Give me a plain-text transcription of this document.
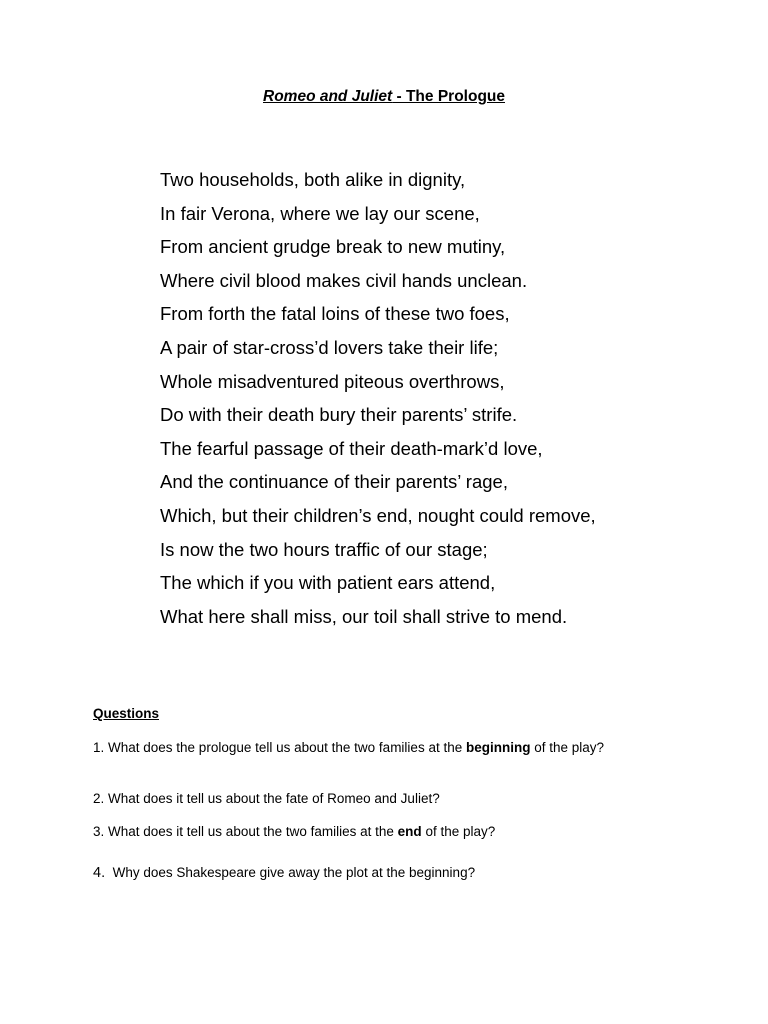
Romeo and Juliet - The Prologue
Two households, both alike in dignity,
In fair Verona, where we lay our scene,
From ancient grudge break to new mutiny,
Where civil blood makes civil hands unclean.
From forth the fatal loins of these two foes,
A pair of star-cross’d lovers take their life;
Whole misadventured piteous overthrows,
Do with their death bury their parents’ strife.
The fearful passage of their death-mark’d love,
And the continuance of their parents’ rage,
Which, but their children’s end, nought could remove,
Is now the two hours traffic of our stage;
The which if you with patient ears attend,
What here shall miss, our toil shall strive to mend.
Questions
1. What does the prologue tell us about the two families at the beginning of the play?
2. What does it tell us about the fate of Romeo and Juliet?
3. What does it tell us about the two families at the end of the play?
4.  Why does Shakespeare give away the plot at the beginning?
